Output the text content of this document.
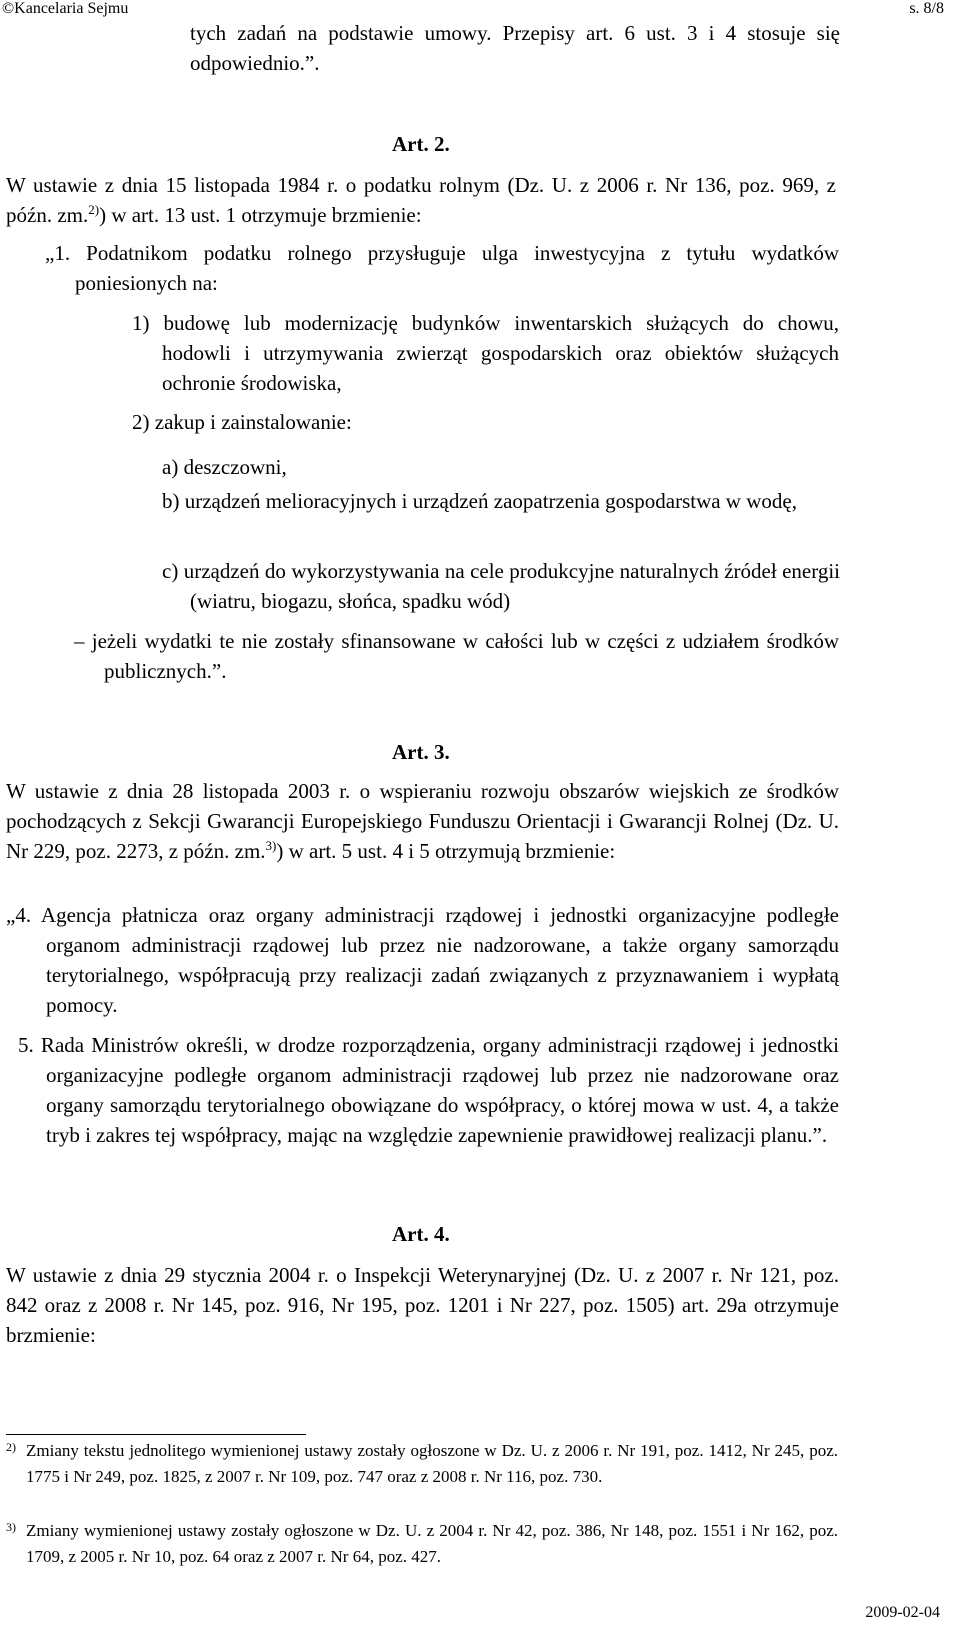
©Kancelaria Sejmu	s. 8/8

tych zadań na podstawie umowy. Przepisy art. 6 ust. 3 i 4 stosuje się odpowiednio.”.

Art. 2.

W ustawie z dnia 15 listopada 1984 r. o podatku rolnym (Dz. U. z 2006 r. Nr 136, poz. 969, z późn. zm.$^{2)}$) w art. 13 ust. 1 otrzymuje brzmienie:

„1. Podatnikom podatku rolnego przysługuje ulga inwestycyjna z tytułu wydatków poniesionych na:

1) budowę lub modernizację budynków inwentarskich służących do chowu, hodowli i utrzymywania zwierząt gospodarskich oraz obiektów służących ochronie środowiska,

2) zakup i zainstalowanie:

a) deszczowni,

b) urządzeń melioracyjnych i urządzeń zaopatrzenia gospodarstwa w wodę,

c) urządzeń do wykorzystywania na cele produkcyjne naturalnych źródeł energii (wiatru, biogazu, słońca, spadku wód)

– jeżeli wydatki te nie zostały sfinansowane w całości lub w części z udziałem środków publicznych.”.

Art. 3.

W ustawie z dnia 28 listopada 2003 r. o wspieraniu rozwoju obszarów wiejskich ze środków pochodzących z Sekcji Gwarancji Europejskiego Funduszu Orientacji i Gwarancji Rolnej (Dz. U. Nr 229, poz. 2273, z późn. zm.$^{3)}$) w art. 5 ust. 4 i 5 otrzymują brzmienie:

„4. Agencja płatnicza oraz organy administracji rządowej i jednostki organizacyjne podległe organom administracji rządowej lub przez nie nadzorowane, a także organy samorządu terytorialnego, współpracują przy realizacji zadań związanych z przyznawaniem i wypłatą pomocy.

5. Rada Ministrów określi, w drodze rozporządzenia, organy administracji rządowej i jednostki organizacyjne podległe organom administracji rządowej lub przez nie nadzorowane oraz organy samorządu terytorialnego obowiązane do współpracy, o której mowa w ust. 4, a także tryb i zakres tej współpracy, mając na względzie zapewnienie prawidłowej realizacji planu.”.

Art. 4.

W ustawie z dnia 29 stycznia 2004 r. o Inspekcji Weterynaryjnej (Dz. U. z 2007 r. Nr 121, poz. 842 oraz z 2008 r. Nr 145, poz. 916, Nr 195, poz. 1201 i Nr 227, poz. 1505) art. 29a otrzymuje brzmienie:

2) Zmiany tekstu jednolitego wymienionej ustawy zostały ogłoszone w Dz. U. z 2006 r. Nr 191, poz. 1412, Nr 245, poz. 1775 i Nr 249, poz. 1825, z 2007 r. Nr 109, poz. 747 oraz z 2008 r. Nr 116, poz. 730.

3) Zmiany wymienionej ustawy zostały ogłoszone w Dz. U. z 2004 r. Nr 42, poz. 386, Nr 148, poz. 1551 i Nr 162, poz. 1709, z 2005 r. Nr 10, poz. 64 oraz z 2007 r. Nr 64, poz. 427.

2009-02-04
